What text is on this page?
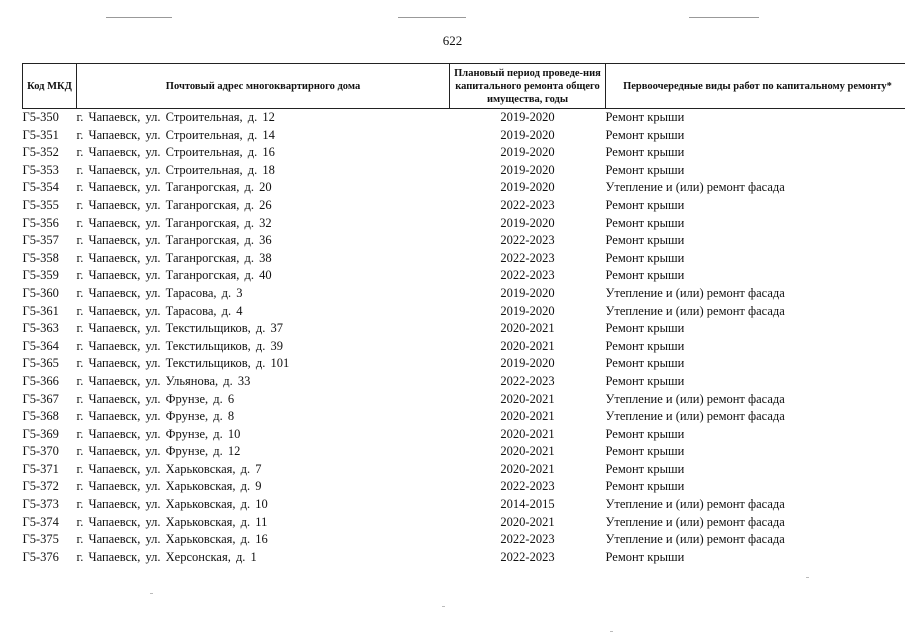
622
Код МКД	Почтовый адрес многоквартирного дома	Плановый период проведе-ния капитального ремонта общего имущества, годы	Первоочередные виды работ по капитальному ремонту*
Г5-350	г. Чапаевск, ул. Строительная, д. 12	2019-2020	Ремонт крыши
Г5-351	г. Чапаевск, ул. Строительная, д. 14	2019-2020	Ремонт крыши
Г5-352	г. Чапаевск, ул. Строительная, д. 16	2019-2020	Ремонт крыши
Г5-353	г. Чапаевск, ул. Строительная, д. 18	2019-2020	Ремонт крыши
Г5-354	г. Чапаевск, ул. Таганрогская, д. 20	2019-2020	Утепление и (или) ремонт фасада
Г5-355	г. Чапаевск, ул. Таганрогская, д. 26	2022-2023	Ремонт крыши
Г5-356	г. Чапаевск, ул. Таганрогская, д. 32	2019-2020	Ремонт крыши
Г5-357	г. Чапаевск, ул. Таганрогская, д. 36	2022-2023	Ремонт крыши
Г5-358	г. Чапаевск, ул. Таганрогская, д. 38	2022-2023	Ремонт крыши
Г5-359	г. Чапаевск, ул. Таганрогская, д. 40	2022-2023	Ремонт крыши
Г5-360	г. Чапаевск, ул. Тарасова, д. 3	2019-2020	Утепление и (или) ремонт фасада
Г5-361	г. Чапаевск, ул. Тарасова, д. 4	2019-2020	Утепление и (или) ремонт фасада
Г5-363	г. Чапаевск, ул. Текстильщиков, д. 37	2020-2021	Ремонт крыши
Г5-364	г. Чапаевск, ул. Текстильщиков, д. 39	2020-2021	Ремонт крыши
Г5-365	г. Чапаевск, ул. Текстильщиков, д. 101	2019-2020	Ремонт крыши
Г5-366	г. Чапаевск, ул. Ульянова, д. 33	2022-2023	Ремонт крыши
Г5-367	г. Чапаевск, ул. Фрунзе, д. 6	2020-2021	Утепление и (или) ремонт фасада
Г5-368	г. Чапаевск, ул. Фрунзе, д. 8	2020-2021	Утепление и (или) ремонт фасада
Г5-369	г. Чапаевск, ул. Фрунзе, д. 10	2020-2021	Ремонт крыши
Г5-370	г. Чапаевск, ул. Фрунзе, д. 12	2020-2021	Ремонт крыши
Г5-371	г. Чапаевск, ул. Харьковская, д. 7	2020-2021	Ремонт крыши
Г5-372	г. Чапаевск, ул. Харьковская, д. 9	2022-2023	Ремонт крыши
Г5-373	г. Чапаевск, ул. Харьковская, д. 10	2014-2015	Утепление и (или) ремонт фасада
Г5-374	г. Чапаевск, ул. Харьковская, д. 11	2020-2021	Утепление и (или) ремонт фасада
Г5-375	г. Чапаевск, ул. Харьковская, д. 16	2022-2023	Утепление и (или) ремонт фасада
Г5-376	г. Чапаевск, ул. Херсонская, д. 1	2022-2023	Ремонт крыши
